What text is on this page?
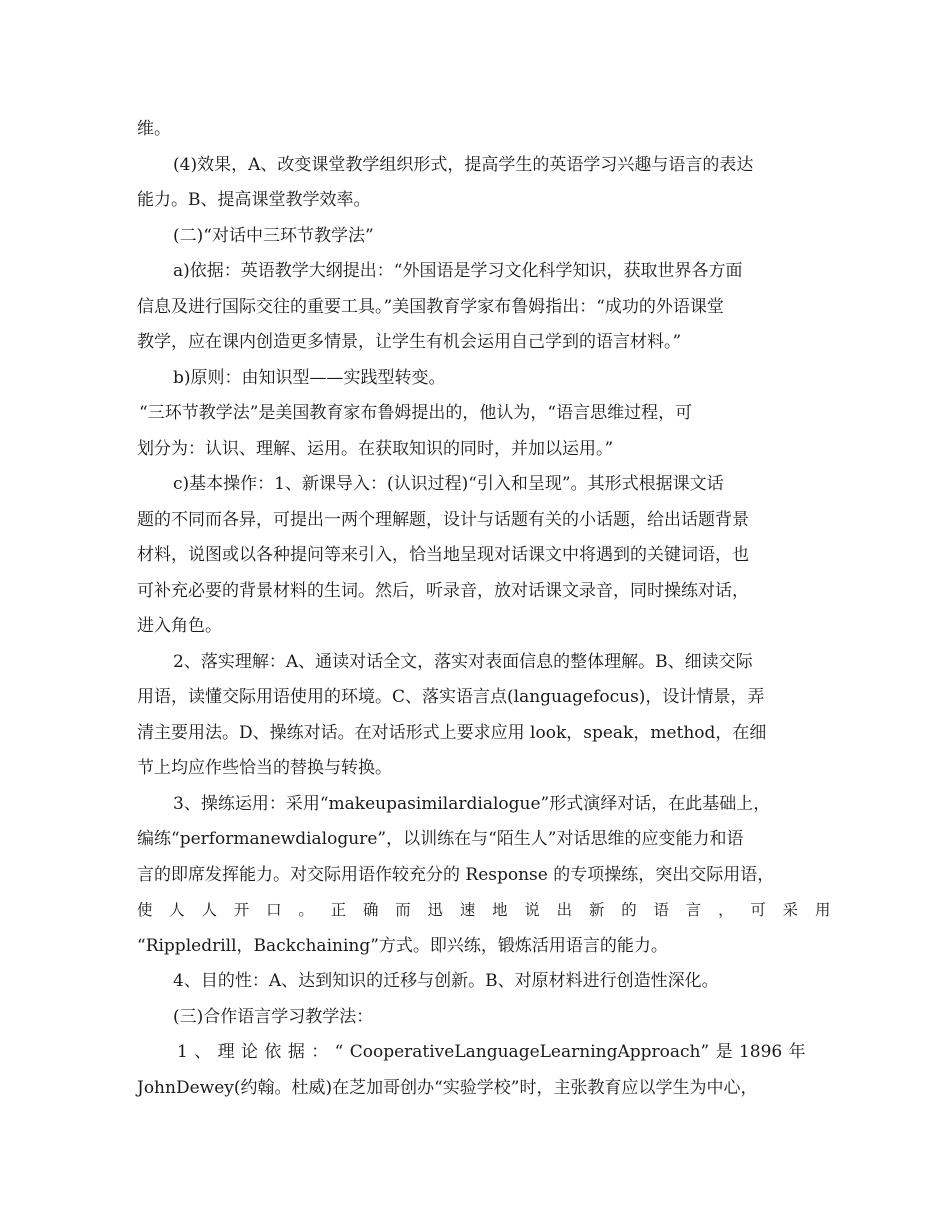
维。
(4)效果，A、改变课堂教学组织形式，提高学生的英语学习兴趣与语言的表达
能力。B、提高课堂教学效率。
(二)“对话中三环节教学法”
a)依据：英语教学大纲提出：“外国语是学习文化科学知识，获取世界各方面
信息及进行国际交往的重要工具。”美国教育学家布鲁姆指出：“成功的外语课堂
教学，应在课内创造更多情景，让学生有机会运用自己学到的语言材料。”
b)原则：由知识型——实践型转变。
“三环节教学法”是美国教育家布鲁姆提出的，他认为，“语言思维过程，可
划分为：认识、理解、运用。在获取知识的同时，并加以运用。”
c)基本操作：1、新课导入：(认识过程)“引入和呈现”。其形式根据课文话
题的不同而各异，可提出一两个理解题，设计与话题有关的小话题，给出话题背景
材料，说图或以各种提问等来引入，恰当地呈现对话课文中将遇到的关键词语，也
可补充必要的背景材料的生词。然后，听录音，放对话课文录音，同时操练对话，
进入角色。
2、落实理解：A、通读对话全文，落实对表面信息的整体理解。B、细读交际
用语，读懂交际用语使用的环境。C、落实语言点(languagefocus)，设计情景，弄
清主要用法。D、操练对话。在对话形式上要求应用 look，speak，method，在细
节上均应作些恰当的替换与转换。
3、操练运用：采用“makeupasimilardialogue”形式演绎对话，在此基础上，
编练“performanewdialogure”，以训练在与“陌生人”对话思维的应变能力和语
言的即席发挥能力。对交际用语作较充分的 Response 的专项操练，突出交际用语，
使 人 人 开 口 。 正 确 而 迅 速 地 说 出 新 的 语 言 ， 可 采 用
“Rippledrill，Backchaining”方式。即兴练，锻炼活用语言的能力。
4、目的性：A、达到知识的迁移与创新。B、对原材料进行创造性深化。
(三)合作语言学习教学法：
1 、 理 论 依 据 ： “ CooperativeLanguageLearningApproach” 是 1896 年
JohnDewey(约翰。杜威)在芝加哥创办“实验学校”时，主张教育应以学生为中心，
